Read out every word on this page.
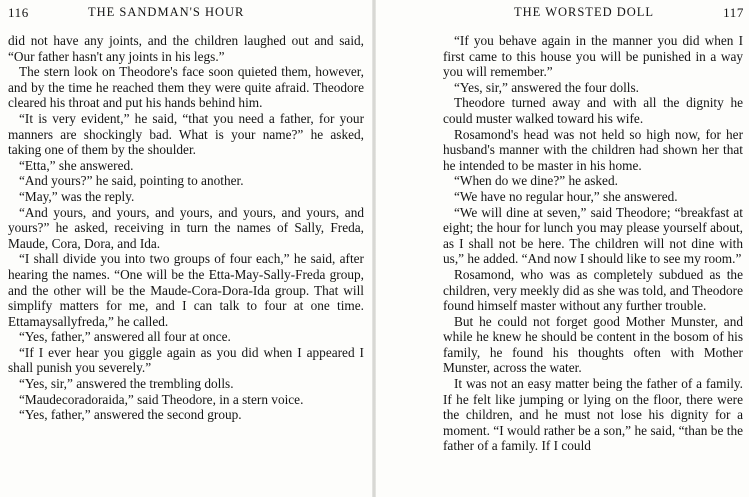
116	THE SANDMAN'S HOUR

did not have any joints, and the children laughed out and said, “Our father hasn't any joints in his legs.”

The stern look on Theodore's face soon quieted them, however, and by the time he reached them they were quite afraid. Theodore cleared his throat and put his hands behind him.

“It is very evident,” he said, “that you need a father, for your manners are shockingly bad. What is your name?” he asked, taking one of them by the shoulder.

“Etta,” she answered.

“And yours?” he said, pointing to another.

“May,” was the reply.

“And yours, and yours, and yours, and yours, and yours, and yours?” he asked, receiving in turn the names of Sally, Freda, Maude, Cora, Dora, and Ida.

“I shall divide you into two groups of four each,” he said, after hearing the names. “One will be the Etta-May-Sally-Freda group, and the other will be the Maude-Cora-Dora-Ida group. That will simplify matters for me, and I can talk to four at one time. Ettamaysallyfreda,” he called.

“Yes, father,” answered all four at once.

“If I ever hear you giggle again as you did when I appeared I shall punish you severely.”

“Yes, sir,” answered the trembling dolls.

“Maudecoradoraida,” said Theodore, in a stern voice.

“Yes, father,” answered the second group.

THE WORSTED DOLL	117

“If you behave again in the manner you did when I first came to this house you will be punished in a way you will remember.”

“Yes, sir,” answered the four dolls.

Theodore turned away and with all the dignity he could muster walked toward his wife.

Rosamond's head was not held so high now, for her husband's manner with the children had shown her that he intended to be master in his home.

“When do we dine?” he asked.

“We have no regular hour,” she answered.

“We will dine at seven,” said Theodore; “breakfast at eight; the hour for lunch you may please yourself about, as I shall not be here. The children will not dine with us,” he added. “And now I should like to see my room.”

Rosamond, who was as completely subdued as the children, very meekly did as she was told, and Theodore found himself master without any further trouble.

But he could not forget good Mother Munster, and while he knew he should be content in the bosom of his family, he found his thoughts often with Mother Munster, across the water.

It was not an easy matter being the father of a family. If he felt like jumping or lying on the floor, there were the children, and he must not lose his dignity for a moment. “I would rather be a son,” he said, “than be the father of a family. If I could
